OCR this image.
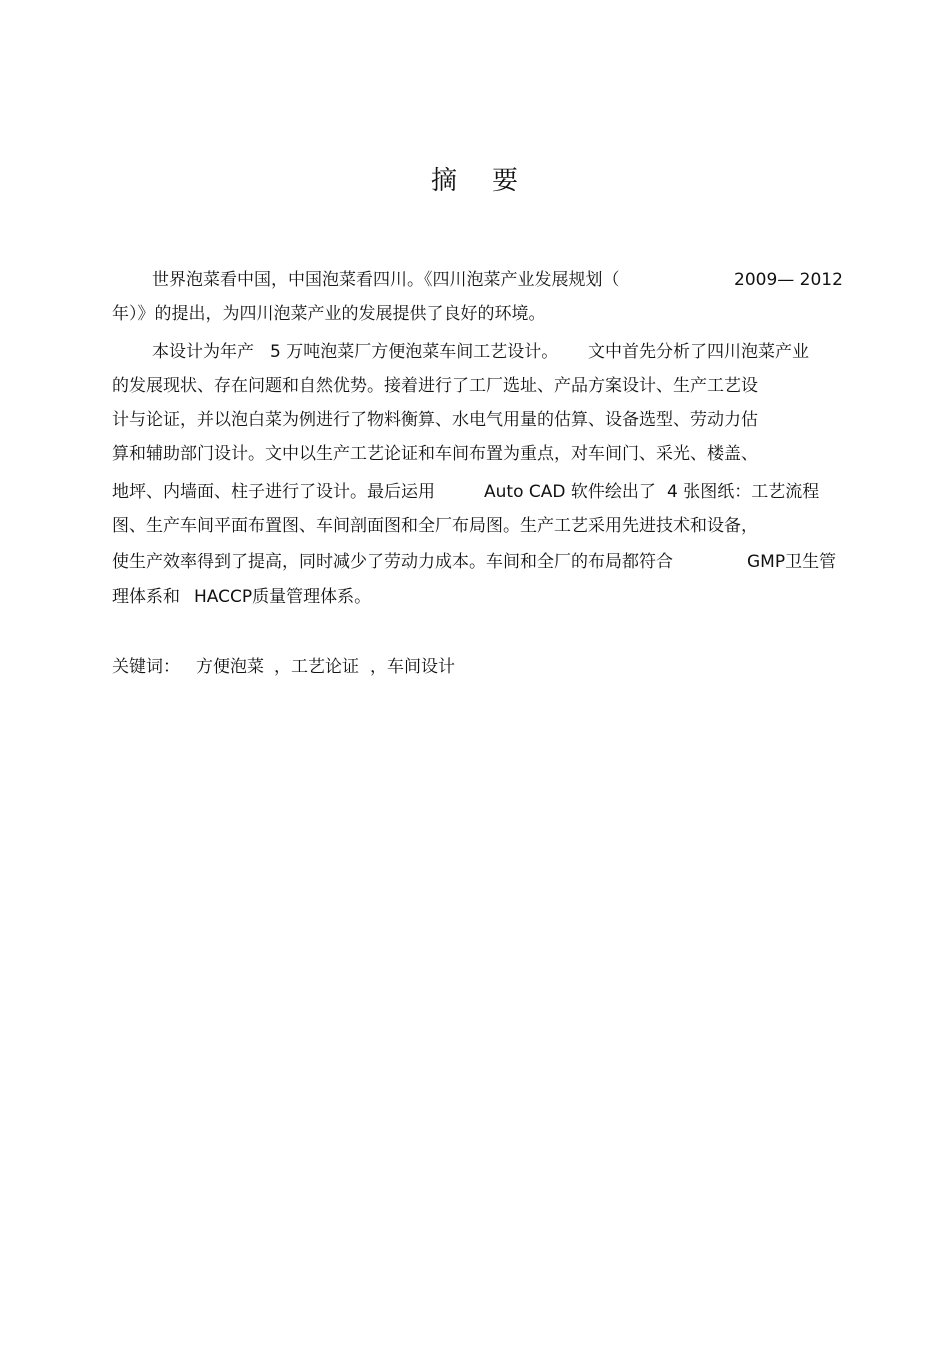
摘 要
世界泡菜看中国，中国泡菜看四川。《四川泡菜产业发展规划（	2009— 2012
年）》的提出，为四川泡菜产业的发展提供了良好的环境。
本设计为年产 5 万吨泡菜厂方便泡菜车间工艺设计。 文中首先分析了四川泡菜产业
的发展现状、存在问题和自然优势。接着进行了工厂选址、产品方案设计、生产工艺设
计与论证，并以泡白菜为例进行了物料衡算、水电气用量的估算、设备选型、劳动力估
算和辅助部门设计。文中以生产工艺论证和车间布置为重点，对车间门、采光、楼盖、
地坪、内墙面、柱子进行了设计。最后运用	Auto CAD 软件绘出了 4 张图纸：工艺流程
图、生产车间平面布置图、车间剖面图和全厂布局图。生产工艺采用先进技术和设备，
使生产效率得到了提高，同时减少了劳动力成本。车间和全厂的布局都符合	GMP卫生管
理体系和 HACCP质量管理体系。
关键词： 方便泡菜 ，工艺论证 ，车间设计
